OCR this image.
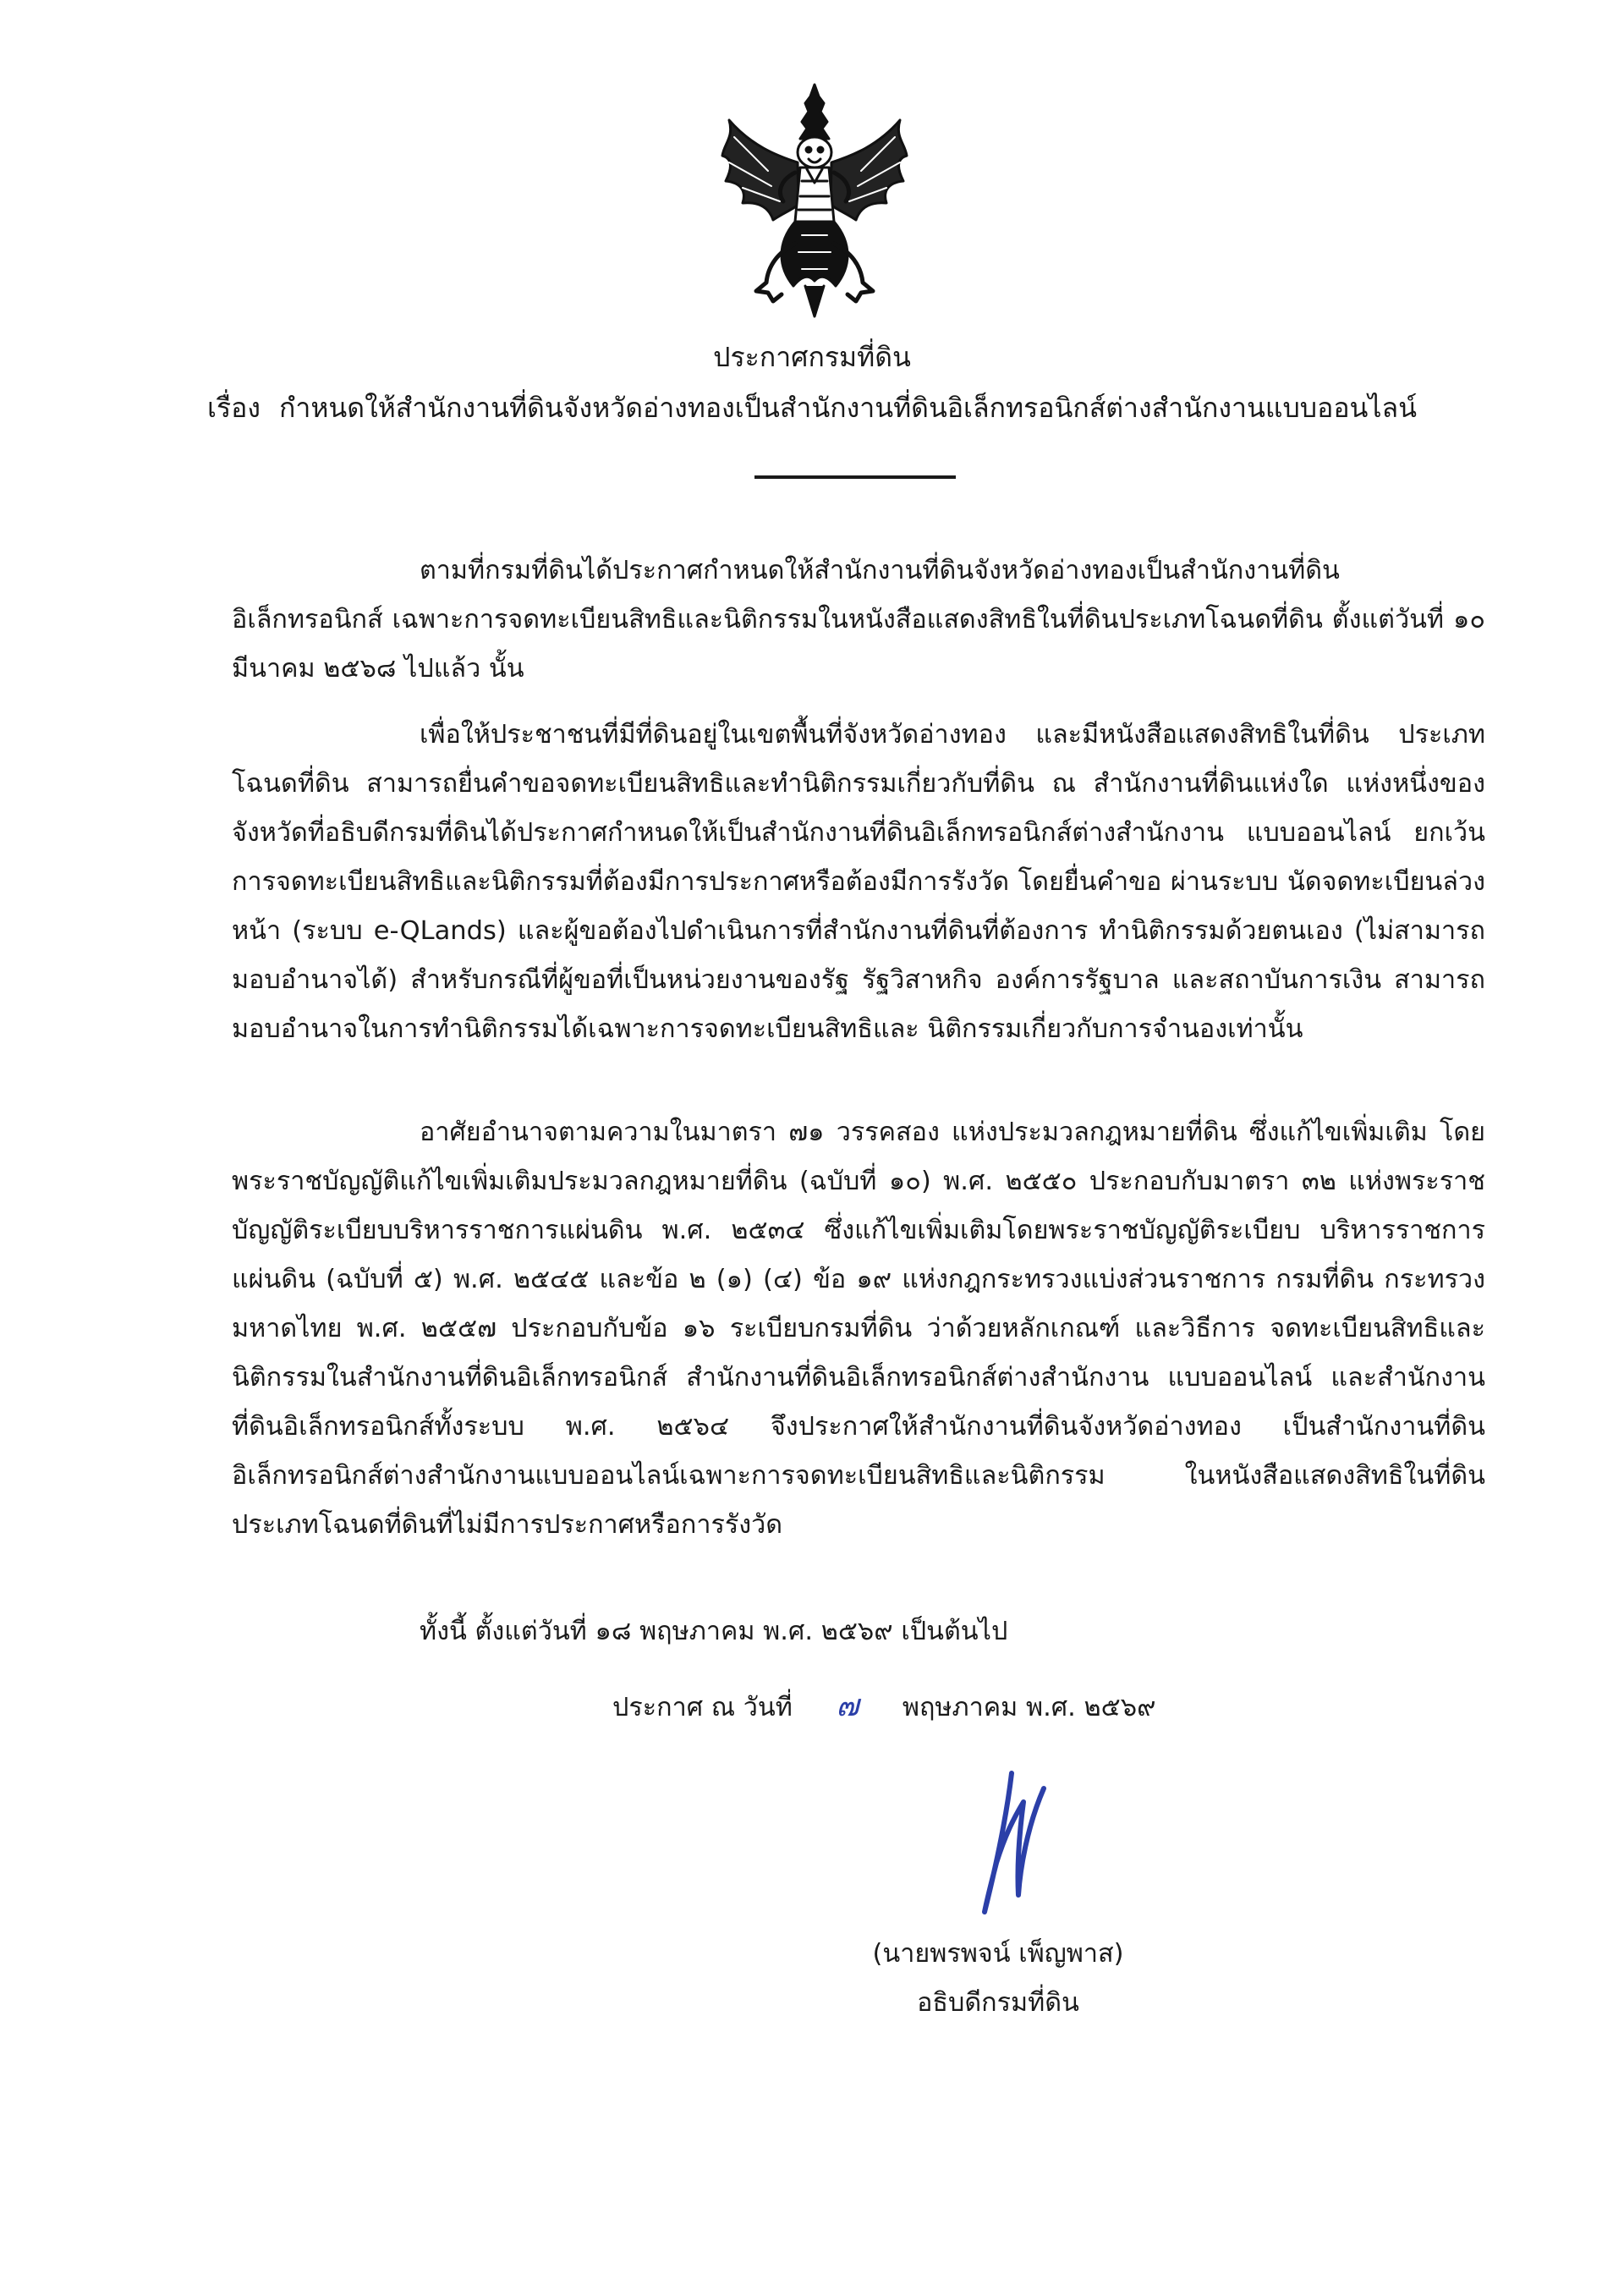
ประกาศกรมที่ดิน
เรื่อง กำหนดให้สำนักงานที่ดินจังหวัดอ่างทองเป็นสำนักงานที่ดินอิเล็กทรอนิกส์ต่างสำนักงานแบบออนไลน์
ตามที่กรมที่ดินได้ประกาศกำหนดให้สำนักงานที่ดินจังหวัดอ่างทองเป็นสำนักงานที่ดิน อิเล็กทรอนิกส์ เฉพาะการจดทะเบียนสิทธิและนิติกรรมในหนังสือแสดงสิทธิในที่ดินประเภทโฉนดที่ดิน ตั้งแต่วันที่ ๑๐ มีนาคม ๒๕๖๘ ไปแล้ว นั้น
เพื่อให้ประชาชนที่มีที่ดินอยู่ในเขตพื้นที่จังหวัดอ่างทอง และมีหนังสือแสดงสิทธิในที่ดิน ประเภทโฉนดที่ดิน สามารถยื่นคำขอจดทะเบียนสิทธิและทำนิติกรรมเกี่ยวกับที่ดิน ณ สำนักงานที่ดินแห่งใด แห่งหนึ่งของจังหวัดที่อธิบดีกรมที่ดินได้ประกาศกำหนดให้เป็นสำนักงานที่ดินอิเล็กทรอนิกส์ต่างสำนักงาน แบบออนไลน์ ยกเว้นการจดทะเบียนสิทธิและนิติกรรมที่ต้องมีการประกาศหรือต้องมีการรังวัด โดยยื่นคำขอ ผ่านระบบ นัดจดทะเบียนล่วงหน้า (ระบบ e-QLands) และผู้ขอต้องไปดำเนินการที่สำนักงานที่ดินที่ต้องการ ทำนิติกรรมด้วยตนเอง (ไม่สามารถมอบอำนาจได้) สำหรับกรณีที่ผู้ขอที่เป็นหน่วยงานของรัฐ รัฐวิสาหกิจ องค์การรัฐบาล และสถาบันการเงิน สามารถมอบอำนาจในการทำนิติกรรมได้เฉพาะการจดทะเบียนสิทธิและ นิติกรรมเกี่ยวกับการจำนองเท่านั้น
อาศัยอำนาจตามความในมาตรา ๗๑ วรรคสอง แห่งประมวลกฎหมายที่ดิน ซึ่งแก้ไขเพิ่มเติม โดยพระราชบัญญัติแก้ไขเพิ่มเติมประมวลกฎหมายที่ดิน (ฉบับที่ ๑๐) พ.ศ. ๒๕๕๐ ประกอบกับมาตรา ๓๒ แห่งพระราชบัญญัติระเบียบบริหารราชการแผ่นดิน พ.ศ. ๒๕๓๔ ซึ่งแก้ไขเพิ่มเติมโดยพระราชบัญญัติระเบียบ บริหารราชการแผ่นดิน (ฉบับที่ ๕) พ.ศ. ๒๕๔๕ และข้อ ๒ (๑) (๔) ข้อ ๑๙ แห่งกฎกระทรวงแบ่งส่วนราชการ กรมที่ดิน กระทรวงมหาดไทย พ.ศ. ๒๕๕๗ ประกอบกับข้อ ๑๖ ระเบียบกรมที่ดิน ว่าด้วยหลักเกณฑ์ และวิธีการ จดทะเบียนสิทธิและนิติกรรมในสำนักงานที่ดินอิเล็กทรอนิกส์ สำนักงานที่ดินอิเล็กทรอนิกส์ต่างสำนักงาน แบบออนไลน์ และสำนักงานที่ดินอิเล็กทรอนิกส์ทั้งระบบ พ.ศ. ๒๕๖๔ จึงประกาศให้สำนักงานที่ดินจังหวัดอ่างทอง เป็นสำนักงานที่ดินอิเล็กทรอนิกส์ต่างสำนักงานแบบออนไลน์เฉพาะการจดทะเบียนสิทธิและนิติกรรม ในหนังสือแสดงสิทธิในที่ดินประเภทโฉนดที่ดินที่ไม่มีการประกาศหรือการรังวัด
ทั้งนี้ ตั้งแต่วันที่ ๑๘ พฤษภาคม พ.ศ. ๒๕๖๙ เป็นต้นไป
ประกาศ ณ วันที่ ๗ พฤษภาคม พ.ศ. ๒๕๖๙
(นายพรพจน์ เพ็ญพาส)
อธิบดีกรมที่ดิน
